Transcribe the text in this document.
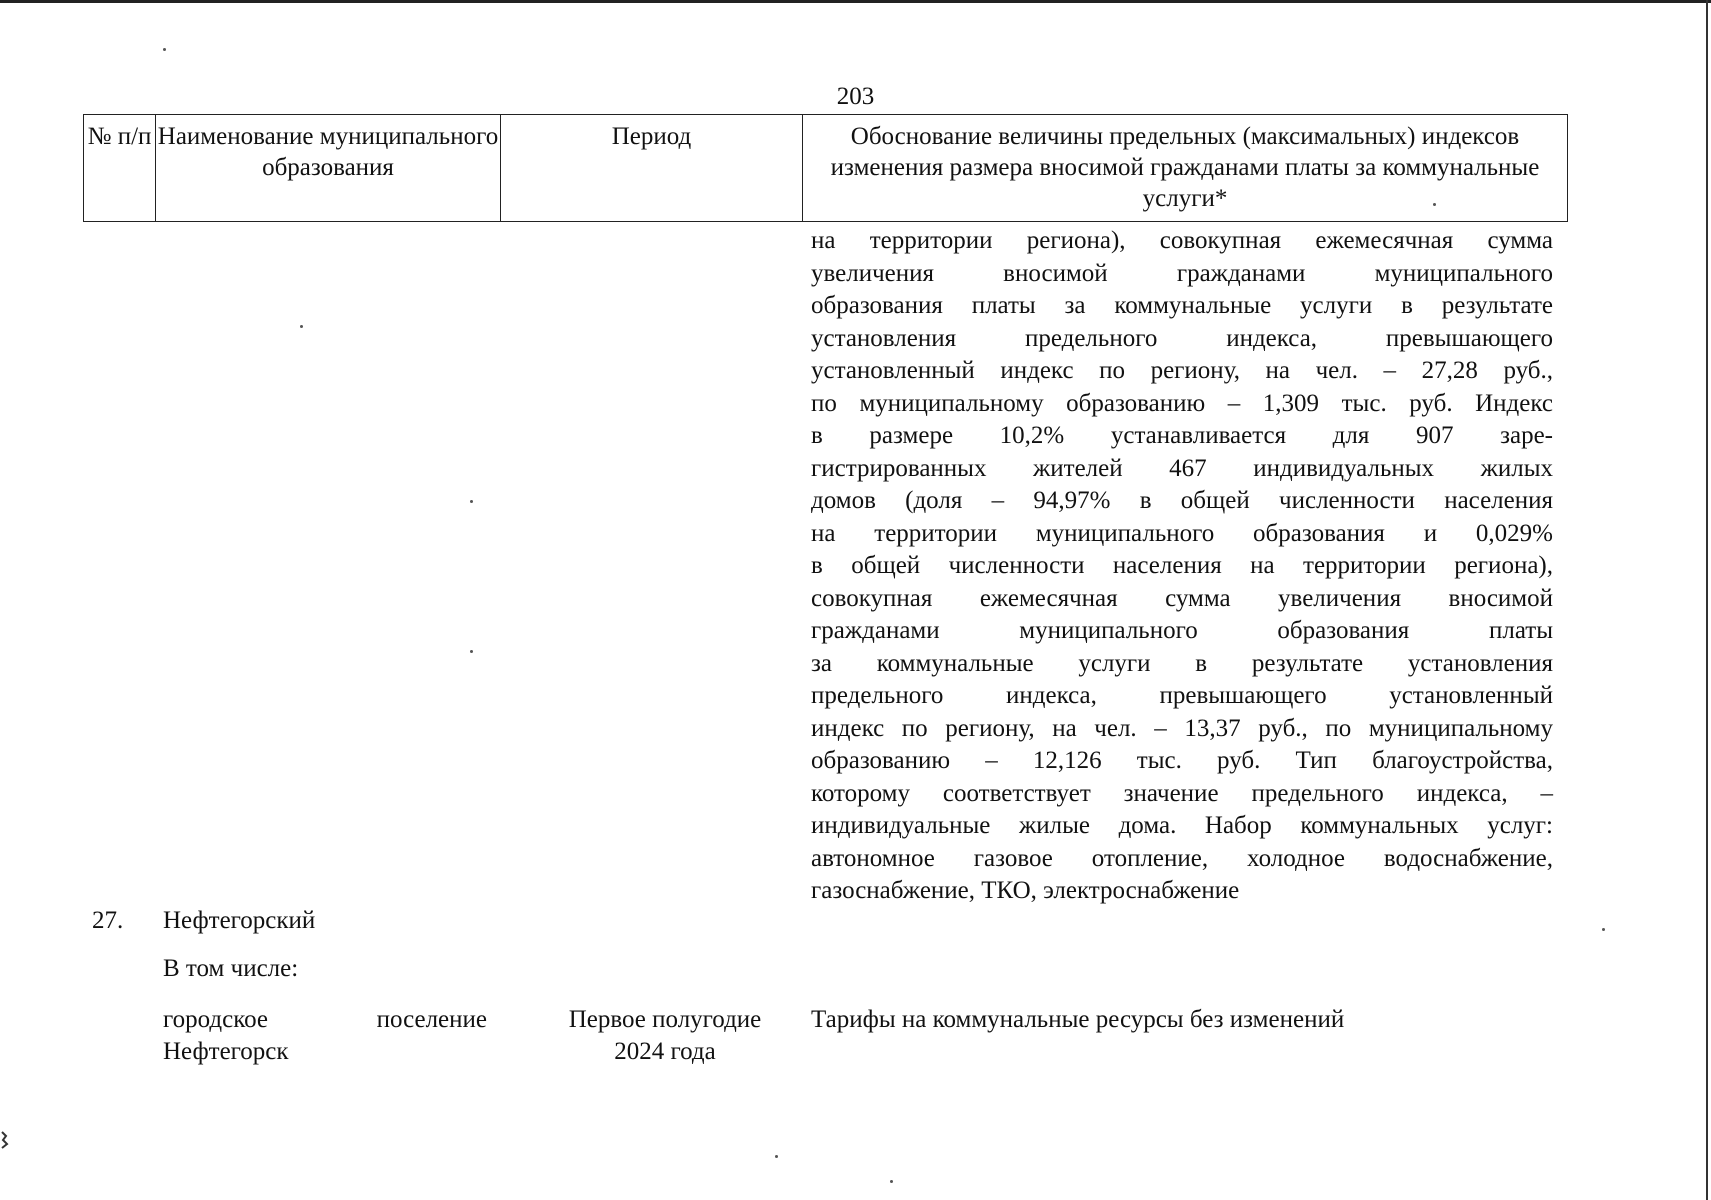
203
№ п/п Наименование муниципального образования
Период	Обоснование величины предельных (максимальных) индексов изменения размера вносимой гражданами платы за коммунальные услуги*
на территории региона), совокупная ежемесячная сумма
увеличения вносимой гражданами муниципального
образования платы за коммунальные услуги в результате
установления предельного индекса, превышающего
установленный индекс по региону, на чел. – 27,28 руб.,
по муниципальному образованию – 1,309 тыс. руб. Индекс
в размере 10,2% устанавливается для 907 заре-
гистрированных жителей 467 индивидуальных жилых
домов (доля – 94,97% в общей численности населения
на территории муниципального образования и 0,029%
в общей численности населения на территории региона),
совокупная ежемесячная сумма увеличения вносимой
гражданами муниципального образования платы
за коммунальные услуги в результате установления
предельного индекса, превышающего установленный
индекс по региону, на чел. – 13,37 руб., по муниципальному
образованию – 12,126 тыс. руб. Тип благоустройства,
которому соответствует значение предельного индекса, –
индивидуальные жилые дома. Набор коммунальных услуг:
автономное газовое отопление, холодное водоснабжение,
газоснабжение, ТКО, электроснабжение
27. Нефтегорский
В том числе:
городское поселение
Нефтегорск
Первое полугодие
2024 года
Тарифы на коммунальные ресурсы без изменений
